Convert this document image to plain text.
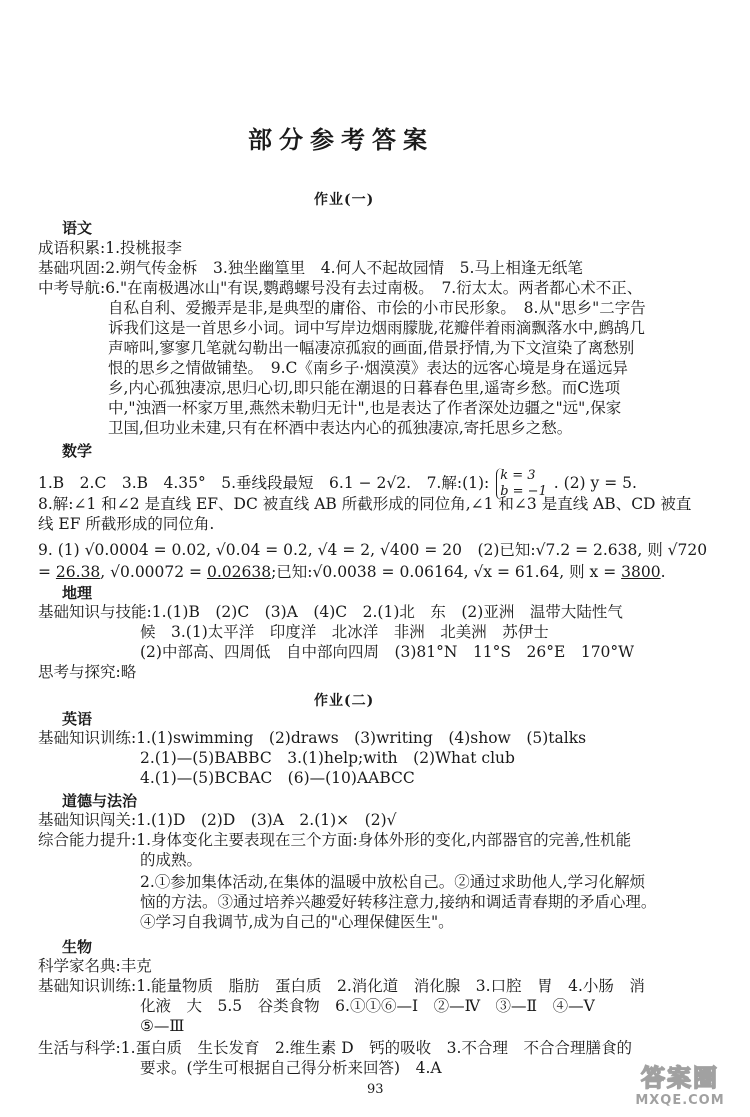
部分参考答案
作业(一)
语文
成语积累:1.投桃报李
基础巩固:2.朔气传金柝　3.独坐幽篁里　4.何人不起故园情　5.马上相逢无纸笔
中考导航:6."在南极遇冰山"有误,鹦鹉螺号没有去过南极。　7.衍太太。两者都心术不正、
自私自利、爱搬弄是非,是典型的庸俗、市侩的小市民形象。　8.从"思乡"二字告
诉我们这是一首思乡小词。词中写岸边烟雨朦胧,花瓣伴着雨滴飘落水中,鹧鸪几
声啼叫,寥寥几笔就勾勒出一幅凄凉孤寂的画面,借景抒情,为下文渲染了离愁别
恨的思乡之情做铺垫。　9.C《南乡子·烟漠漠》表达的远客心境是身在遥远异
乡,内心孤独凄凉,思归心切,即只能在潮退的日暮春色里,遥寄乡愁。而C选项
中,"浊酒一杯家万里,燕然未勒归无计",也是表达了作者深处边疆之"远",保家
卫国,但功业未建,只有在杯酒中表达内心的孤独凄凉,寄托思乡之愁。
数学
1.B　2.C　3.B　4.35°　5.垂线段最短　6.1 − 2√2.　7.解:(1): k = 3
b = −1 . (2) y = 5.
8.解:∠1 和∠2 是直线 EF、DC 被直线 AB 所截形成的同位角,∠1 和∠3 是直线 AB、CD 被直
线 EF 所截形成的同位角.
9. (1) √0.0004 = 0.02, √0.04 = 0.2, √4 = 2, √400 = 20　(2)已知:√7.2 = 2.638, 则 √720
= 26.38, √0.00072 = 0.02638;已知:√0.0038 = 0.06164, √x = 61.64, 则 x = 3800.
地理
基础知识与技能:1.(1)B　(2)C　(3)A　(4)C　2.(1)北　东　(2)亚洲　温带大陆性气
候　3.(1)太平洋　印度洋　北冰洋　非洲　北美洲　苏伊士
(2)中部高、四周低　自中部向四周　(3)81°N　11°S　26°E　170°W
思考与探究:略
作业(二)
英语
基础知识训练:1.(1)swimming　(2)draws　(3)writing　(4)show　(5)talks
2.(1)—(5)BABBC　3.(1)help;with　(2)What club
4.(1)—(5)BCBAC　(6)—(10)AABCC
道德与法治
基础知识闯关:1.(1)D　(2)D　(3)A　2.(1)×　(2)√
综合能力提升:1.身体变化主要表现在三个方面:身体外形的变化,内部器官的完善,性机能
的成熟。
2.①参加集体活动,在集体的温暖中放松自己。②通过求助他人,学习化解烦
恼的方法。③通过培养兴趣爱好转移注意力,接纳和调适青春期的矛盾心理。
④学习自我调节,成为自己的"心理保健医生"。
生物
科学家名典:丰克
基础知识训练:1.能量物质　脂肪　蛋白质　2.消化道　消化腺　3.口腔　胃　4.小肠　消
化液　大　5.5　谷类食物　6.①①⑥—Ⅰ　②—Ⅳ　③—Ⅱ　④—Ⅴ
⑤—Ⅲ
生活与科学:1.蛋白质　生长发育　2.维生素 D　钙的吸收　3.不合理　不合合理膳食的
要求。(学生可根据自己得分析来回答)　4.A
93	答案圈
MXQE.COM
